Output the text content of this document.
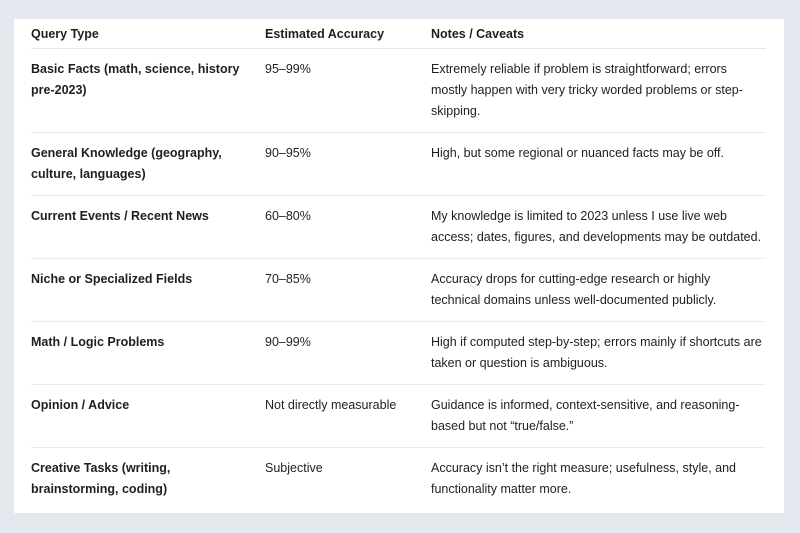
Query Type	Estimated Accuracy	Notes / Caveats
Basic Facts (math, science, history pre-2023)	95–99%	Extremely reliable if problem is straightforward; errors mostly happen with very tricky worded problems or step-skipping.
General Knowledge (geography, culture, languages)	90–95%	High, but some regional or nuanced facts may be off.
Current Events / Recent News	60–80%	My knowledge is limited to 2023 unless I use live web access; dates, figures, and developments may be outdated.
Niche or Specialized Fields	70–85%	Accuracy drops for cutting-edge research or highly technical domains unless well-documented publicly.
Math / Logic Problems	90–99%	High if computed step-by-step; errors mainly if shortcuts are taken or question is ambiguous.
Opinion / Advice	Not directly measurable	Guidance is informed, context-sensitive, and reasoning-based but not “true/false.”
Creative Tasks (writing, brainstorming, coding)	Subjective	Accuracy isn’t the right measure; usefulness, style, and functionality matter more.
